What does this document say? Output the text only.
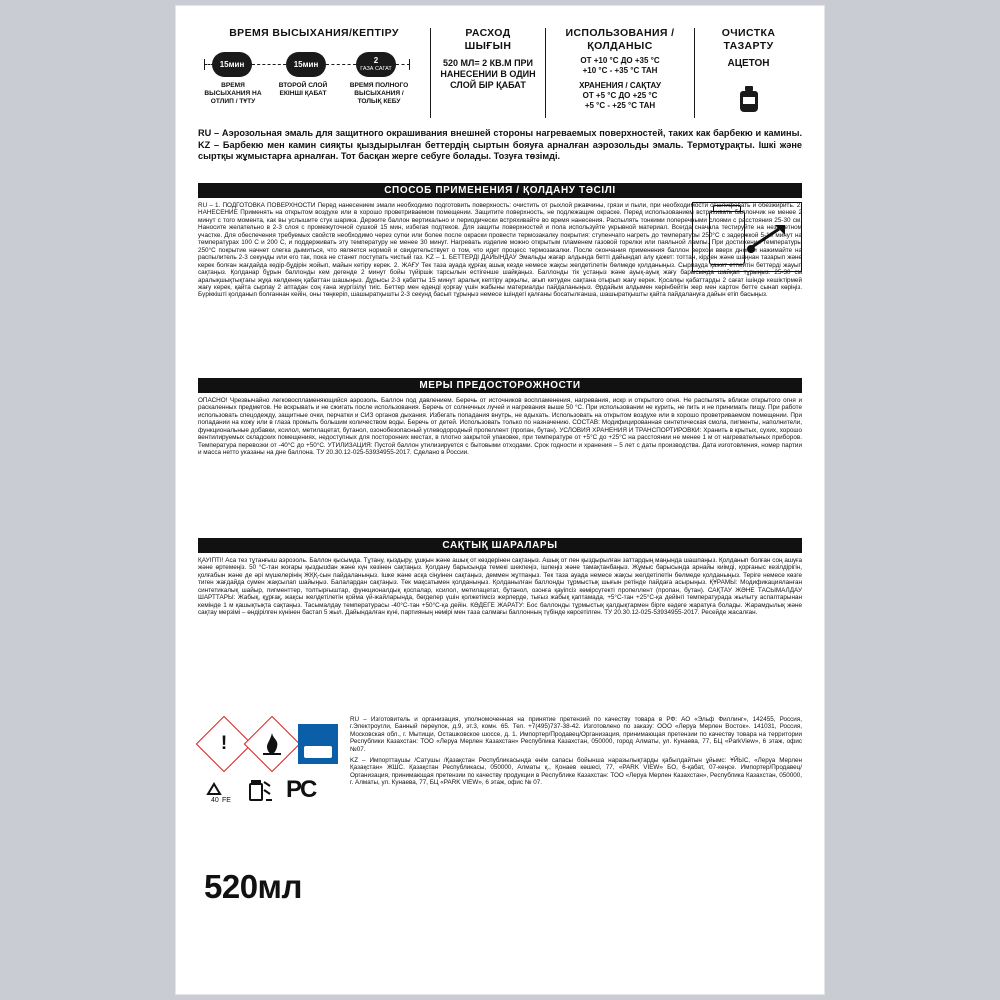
ВРЕМЯ ВЫСЫХАНИЯ/КЕПТІРУ
15мин	15мин	2
ГАЗА САГАТ
ВРЕМЯ ВЫСЫХАНИЯ НА ОТЛИП / ТҰТУ
ВТОРОЙ СЛОЙ ЕКІНШІ ҚАБАТ
ВРЕМЯ ПОЛНОГО ВЫСЫХАНИЯ / ТОЛЫҚ КЕБУ
РАСХОД
ШЫҒЫН
520 МЛ= 2 КВ.М ПРИ НАНЕСЕНИИ В ОДИН СЛОЙ БІР ҚАБАТ
ИСПОЛЬЗОВАНИЯ /
ҚОЛДАНЫС
ОТ +10 °С ДО +35 °С
+10 °С - +35 °С ТАН
ХРАНЕНИЯ / САҚТАУ
ОТ +5 °С ДО +25 °С
+5 °С - +25 °С ТАН
ОЧИСТКА
ТАЗАРТУ
АЦЕТОН
RU – Аэрозольная эмаль для защитного окрашивания внешней стороны нагреваемых поверхностей, таких как барбекю и камины. KZ – Барбекю мен камин сияқты қыздырылған беттердің сыртын бояуға арналған аэрозольды эмаль. Термотұрақты. Ішкі және сыртқы жұмыстарға арналған. Тот басқан жерге себуге болады. Тозуға төзімді.
СПОСОБ ПРИМЕНЕНИЯ / ҚОЛДАНУ ТӘСІЛІ
RU – 1. ПОДГОТОВКА ПОВЕРХНОСТИ Перед нанесением эмали необходимо подготовить поверхность: очистить от рыхлой ржавчины, грязи и пыли, при необходимости отшлифовать и обезжирить. 2. НАНЕСЕНИЕ Применять на открытом воздухе или в хорошо проветриваемом помещении. Защитите поверхность, не подлежащие окраске. Перед использованием встряхивать баллончик не менее 2 минут с того момента, как вы услышите стук шарика. Держите баллон вертикально и периодически встряхивайте во время нанесения. Распылять тонкими поперечными слоями с расстояния 25-30 см. Наносите желательно в 2-3 слоя с промежуточной сушкой 15 мин, избегая подтеков. Для защиты поверхностей и пола используйте укрывной материал. Всегда сначала тестируйте на незаметном участке. Для обеспечения требуемых свойств необходимо через сутки или более после окраски провести термозакалку покрытия: ступенчато нагреть до температуры 250°С с задержкой 5-10 минут на температурах 100 С и 200 С, и поддерживать эту температуру не менее 30 минут. Нагревать изделие можно открытым пламенем газовой горелки или паяльной лампы. При достижении температуры 250°С покрытие начнет слегка дымиться, что является нормой и свидетельствует о том, что идет процесс термозакалки. После окончания применения баллон верхом вверх дном и нажимайте на распылитель 2-3 секунды или его так, пока не станет поступать чистый газ. KZ – 1. БЕТТЕРДІ ДАЙЫНДАУ Эмальды жағар алдында беттi дайындап алу қажет: тоттан, кірден және шаңнан тазарып және керек болған жағдайда кедiр-бұдiрiн жойып, майын кетiру керек. 2. ЖАҒУ Тек таза ауада құрғақ ашық кезде немесе жақсы желдетiлетiн бөлмеде қолданыңыз. Сырлауда қажет етпейтiн беттердi жауып сақтаңыз. Қолданар бұрын баллонды кем дегенде 2 минут бойы түйiршiк тарсылын естiгенше шайқаңыз. Баллонды тiк ұстаңыз және ауық-ауық жағу барысында шайқап тұрыңыз. 25-30 см аралықшықтықтағы жұқа көлденең қабаттан шашыңыз. Дұрысы 2-3 қабатты 15 минут аралық кептіру арқылы, ағып кетуден сақтана отырып жағу керек. Қосалқы қабаттарды 2 сағат ішінде кешіктірмей жағу керек, қайта сырлау 2 аптадан соң ғана жүргізілуі тиіс. Беттер мен еденді қорғау үшін жабыны материалды пайдаланыңыз. Әрдайым алдымен көрінбейтін жер мен картон бетте сынап көріңіз. Бүріккішті қолданып болғаннан кейін, оны төңкеріп, шашыратқышты 2-3 секунд басып тұрыңыз немесе ішіндегі қалғаны босатылғанша, шашыратқышты қайта пайдалануға дайын етіп басыңыз.
МЕРЫ ПРЕДОСТОРОЖНОСТИ
ОПАСНО! Чрезвычайно легковоспламеняющийся аэрозоль. Баллон под давлением. Беречь от источников воспламенения, нагревания, искр и открытого огня. Не распылять вблизи открытого огня и раскаленных предметов. Не вскрывать и не сжигать после использования. Беречь от солнечных лучей и нагревания выше 50 °С. При использовании не курить, не пить и не принимать пищу. При работе использовать спецодежду, защитные очки, перчатки и СИЗ органов дыхания. Избегать попадания внутрь, не вдыхать. Использовать на открытом воздухе или в хорошо проветриваемом помещении. При попадании на кожу или в глаза промыть большим количеством воды. Беречь от детей. Использовать только по назначению. СОСТАВ: Модифицированная синтетическая смола, пигменты, наполнители, функциональные добавки, ксилол, метилацетат, бутанол, озонобезопасный углеводородный пропеллент (пропан, бутан). УСЛОВИЯ ХРАНЕНИЯ И ТРАНСПОРТИРОВКИ: Хранить в крытых, сухих, хорошо вентилируемых складских помещениях, недоступных для посторонних местах, в плотно закрытой упаковке, при температуре от +5°С до +25°С на расстоянии не менее 1 м от нагревательных приборов. Температура перевозки от -40°С до +50°С. УТИЛИЗАЦИЯ: Пустой баллон утилизируется с бытовыми отходами. Срок годности и хранения – 5 лет с даты производства. Дата изготовления, номер партии и масса нетто указаны на дне баллона. ТУ 20.30.12-025-53934955-2017. Сделано в России.
САҚТЫҚ ШАРАЛАРЫ
ҚАУІПТІ! Аса тез тұтанғыш аэрозоль. Баллон қысымда. Тұтану, қыздыру, ұшқын және ашық от көздерінен сақтаңыз. Ашық от пен қыздырылған заттардың маңында шашпаңыз. Қолданып болған соң ашуға және өртемеңіз. 50 °С-тан жоғары қыздыudан және күн көзінен сақтаңыз. Қолдану барысында темекі шекпеңіз, ішпеңіз және тамақтанбаңыз. Жұмыс барысында арнайы киімді, қорғаныс көзілдірігін, қолғабын және де әрі мүшелерінің ЖҚҚ-сын пайдаланыңыз. Ішке және асқа сіңуінен сақтаңыз, деммен жұтпаңыз. Тек таза ауада немесе жақсы желдетілетін бөлмеде қолданыңыз. Теріге немесе көзге тиген жағдайда сумен жақсылап шайыңыз. Балалардан сақтаңыз. Тек мақсатымен қолданыңыз. Қолданылған баллонды тұрмыстық шығын ретінде пайдаға асырыңыз. ҚҰРАМЫ: Модификацияланған синтетикалық шайыр, пигменттер, толтырғыштар, функционалдық қоспалар, ксилол, метилацетат, бутанол, озонға қауіпсіз көмірсутекті пропеллент (пропан, бутан). САҚТАУ ЖӘНЕ ТАСЫМАЛДАУ ШАРТТАРЫ: Жабық, құрғақ, жақсы желдетілетін қойма үй-жайларында, бөгделер үшін қолжетімсіз жерлерде, тығыз жабық қаптамада, +5°С-тан +25°С-қа дейінгі температурада жылыту аспаптарынан кемінде 1 м қашықтықта сақтаңыз. Тасымалдау температурасы -40°С-тан +50°С-қа дейін. КӘДЕГЕ ЖАРАТУ: Бос баллонды тұрмыстық қалдықтармен бірге кәдеге жаратуға болады. Жарамдылық және сақтау мерзімі – өндірілген күнінен бастап 5 жыл. Дайындалған күні, партияның нөмірі мен таза салмағы баллонның түбінде көрсетілген. ТУ 20.30.12-025-53934955-2017. Ресейде жасалған.
!
40 FE PC
520мл

RU – Изготовитель и организация, уполномоченная на принятие претензий по качеству товара в РФ: АО «Эльф Филлинг», 142455, Россия, г.Электроугли, Банный переулок, д.9, эт.3, комн. 65. Тел. +7(495)737-38-42. Изготовлено по заказу: ООО «Леруа Мерлен Восток». 141031, Россия, Московская обл., г. Мытищи, Осташковское шоссе, д. 1. Импортер/Продавец/Организация, принимающая претензии по качеству товара на территории Республики Казахстан: ТОО «Леруа Мерлен Казахстан» Республика Казахстан, 050000, город Алматы, ул. Кунаева, 77, БЦ «ParkView», 6 этаж, офис №07.

KZ – Импорттаушы /Сатушы /Қазақстан Республикасында өнім сапасы бойынша наразылықтарды қабылдайтын ұйымс: ҰЙЫС, «Леруа Мерлен Қазақстан» ЖШС. Қазақстан Республикасы, 050000, Алматы қ., Қонаев көшесі, 77, «PARK VIEW» БО, 6-қабат, 07-кеңсе. Импортер/Продавец/Организация, принимающая претензии по качеству продукции в Республике Казахстан: ТОО «Леруа Мерлен Казахстан», Республика Казахстан, 050000, г. Алматы, ул. Кунаева, 77, БЦ «PARK VIEW», 6 этаж, офис № 07.
